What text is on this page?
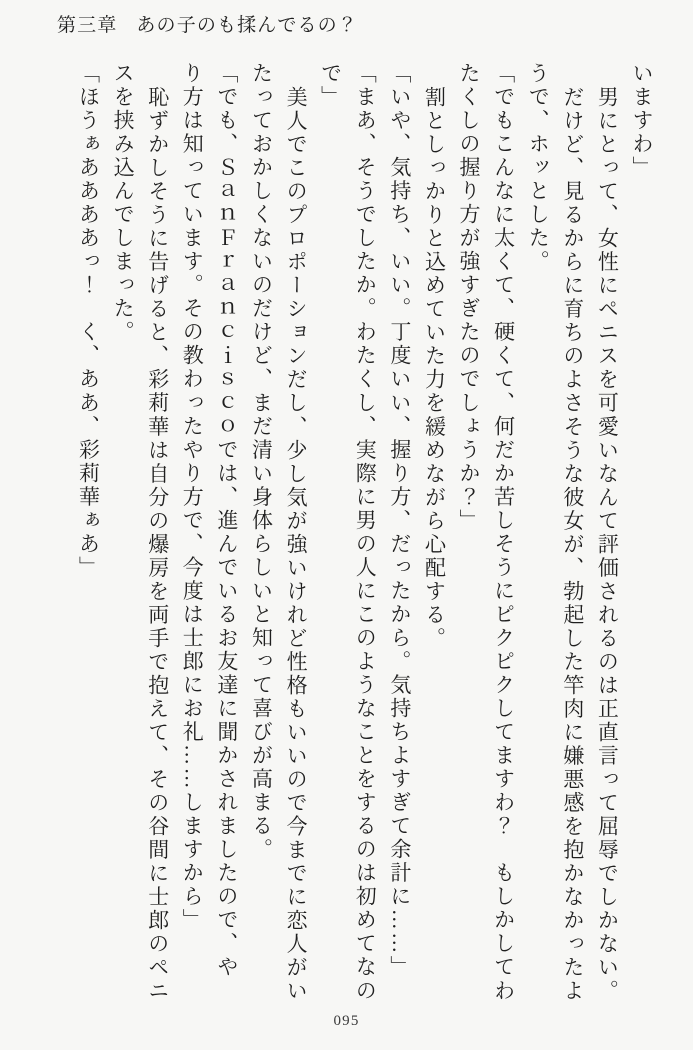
第三章 あの子のも揉んでるの？

いますわ」

男にとって、女性にペニスを可愛いなんて評価されるのは正直言って屈辱でしかない。

だけど、見るからに育ちのよさそうな彼女が、勃起した竿肉に嫌悪感を抱かなかったよ

うで、ホッとした。

「でもこんなに太くて、硬くて、何だか苦しそうにピクピクしてますわ？　もしかしてわ

たくしの握り方が強すぎたのでしょうか？」

割としっかりと込めていた力を緩めながら心配する。

「いや、気持ち、いい。丁度いい、握り方、だったから。気持ちよすぎて余計に……」

「まあ、そうでしたか。わたくし、実際に男の人にこのようなことをするのは初めてなの

で」

美人でこのプロポーションだし、少し気が強いけれど性格もいいので今までに恋人がい

たっておかしくないのだけど、まだ清い身体らしいと知って喜びが高まる。

「でも、ＳａｎＦｒａｎｃｉｓｃｏでは、進んでいるお友達に聞かされましたので、や

り方は知っています。その教わったやり方で、今度は士郎にお礼……しますから」

恥ずかしそうに告げると、彩莉華は自分の爆房を両手で抱えて、その谷間に士郎のペニ

スを挟み込んでしまった。

「ほうぁああああっ！　く、ああ、彩莉華ぁあ」

095
